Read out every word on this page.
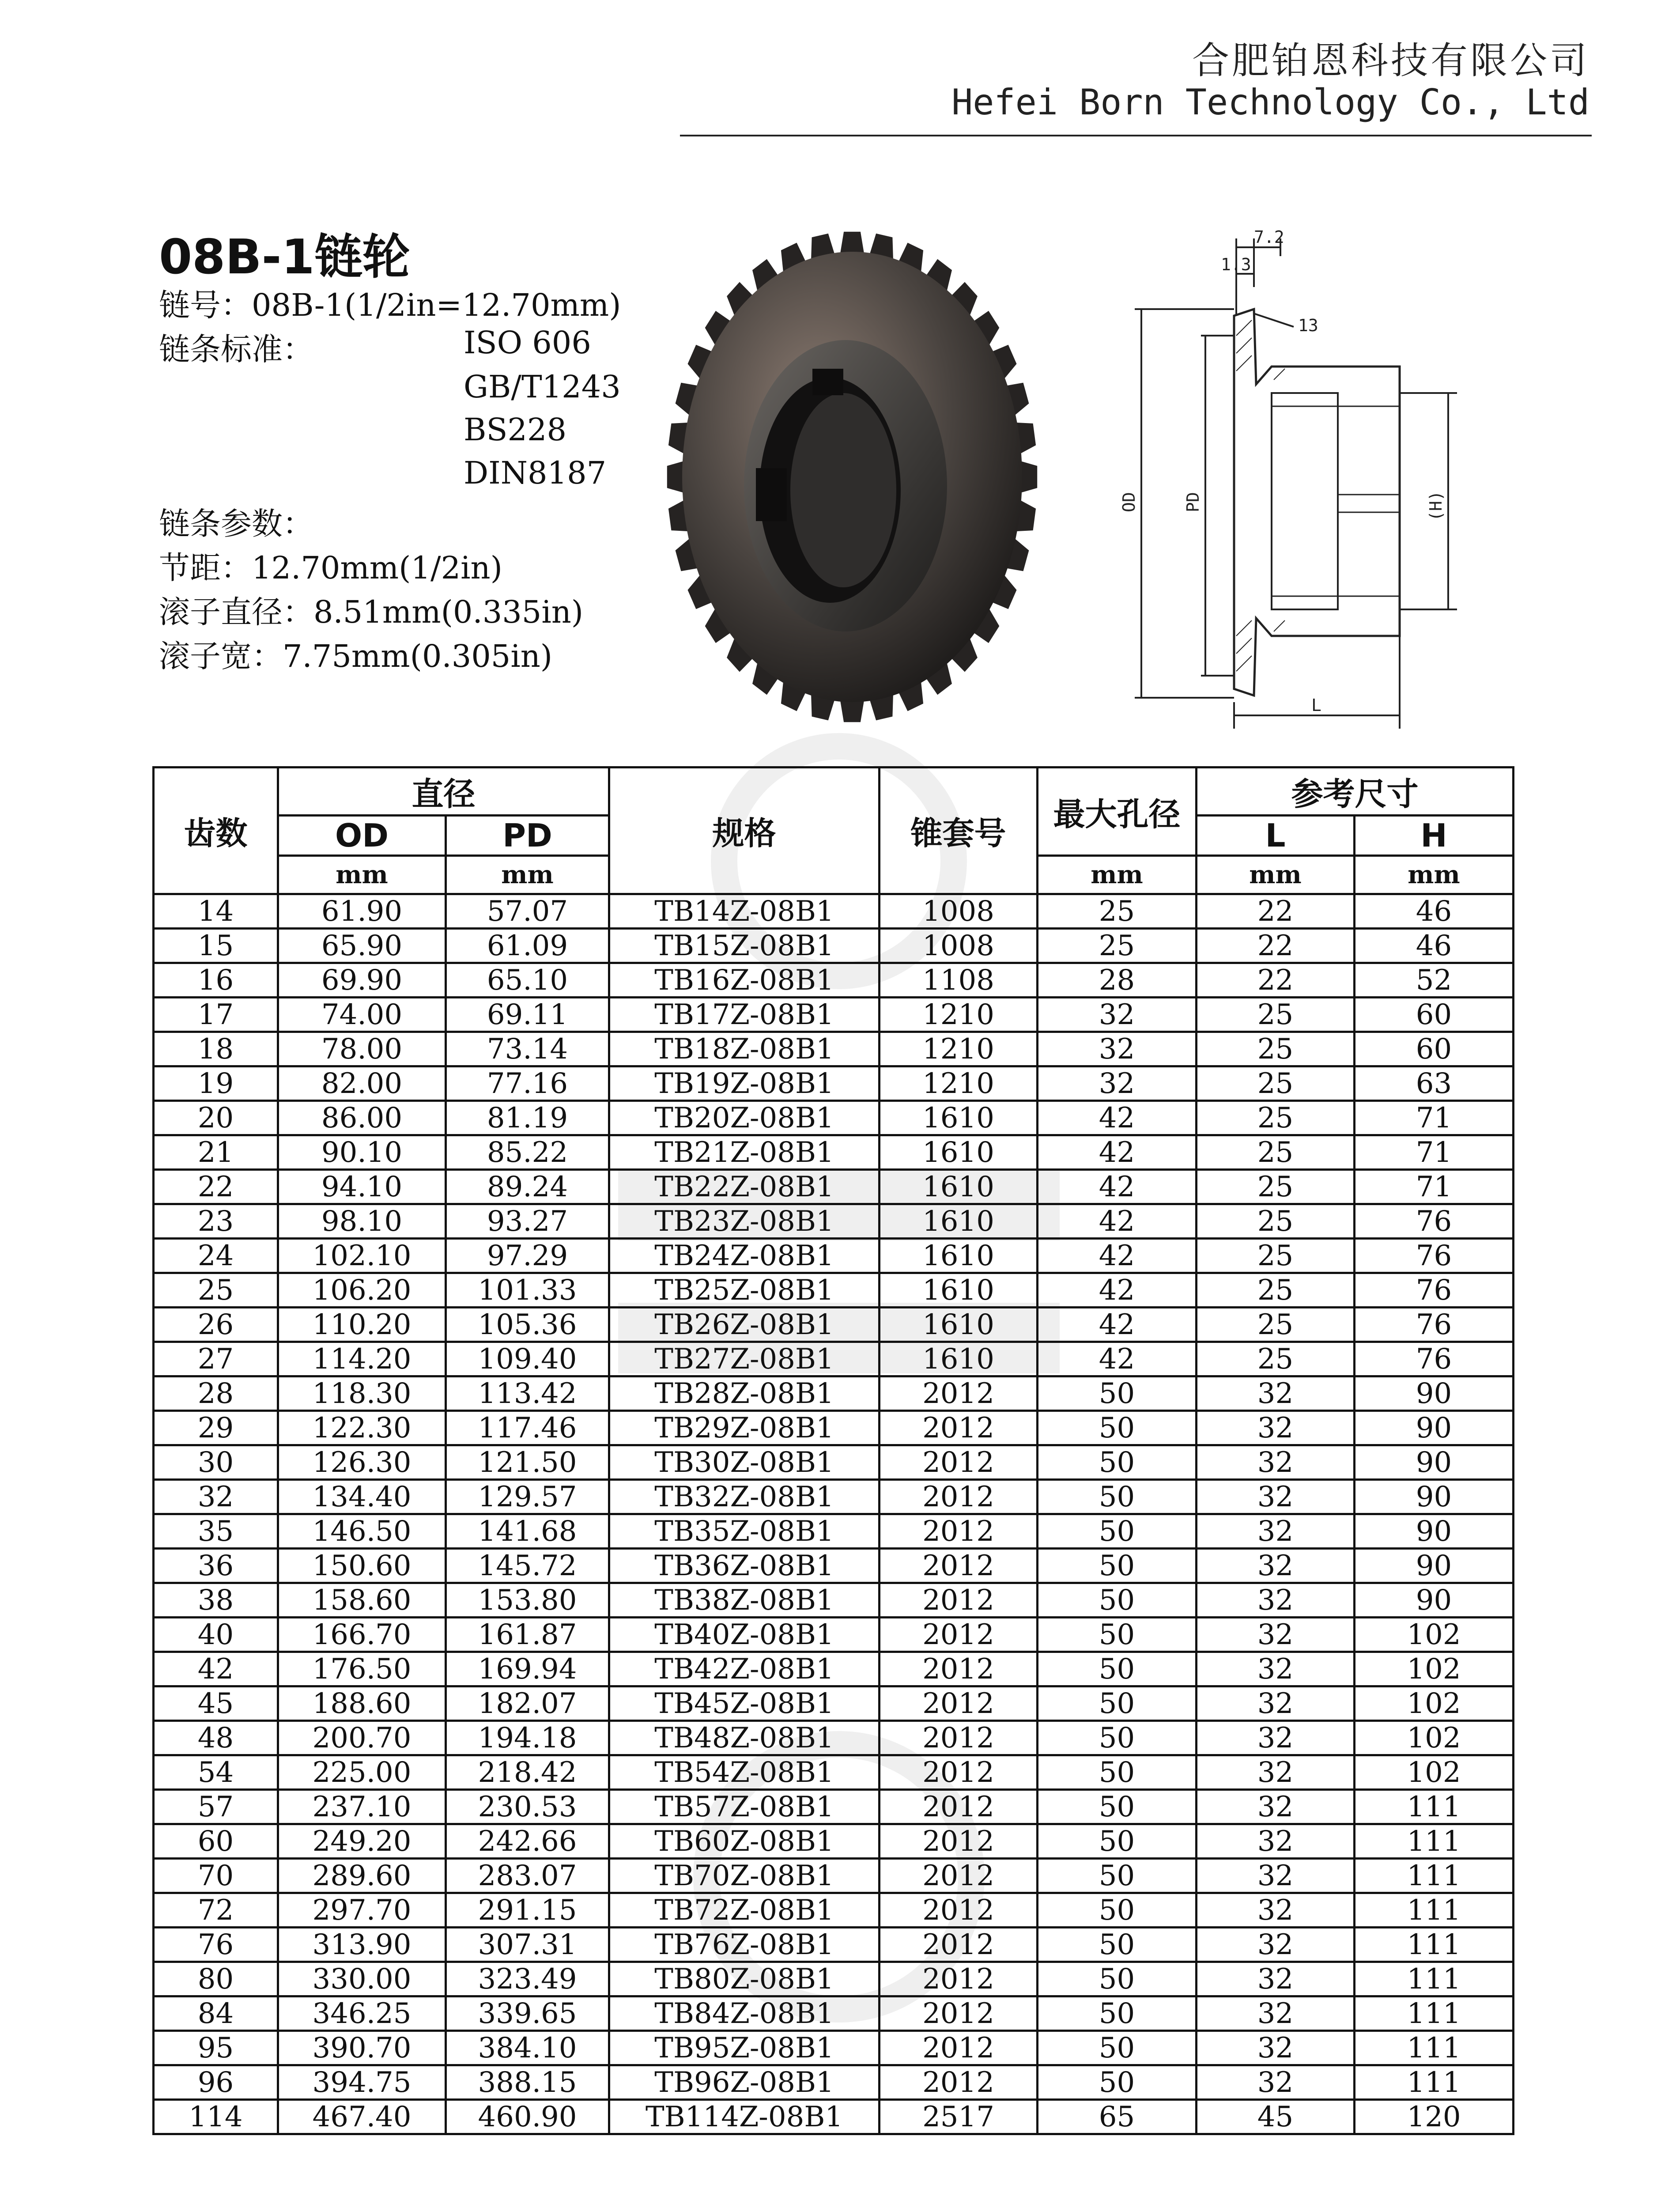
合肥铂恩科技有限公司
Hefei Born Technology Co., Ltd
08B-1链轮
链号：08B-1(1/2in=12.70mm)
链条标准：	ISO 606
GB/T1243
BS228
DIN8187
链条参数：
节距：12.70mm(1/2in)
滚子直径：8.51mm(0.335in)
滚子宽：7.75mm(0.305in)
7.2
1.3
13
OD	PD	(H)
L
齿数	直径		规格	锥套号	最大孔径	参考尺寸	
	OD	PD				L	H
	mm	mm			mm	mm	mm
14	61.90	57.07	TB14Z-08B1	1008	25	22	46
15	65.90	61.09	TB15Z-08B1	1008	25	22	46
16	69.90	65.10	TB16Z-08B1	1108	28	22	52
17	74.00	69.11	TB17Z-08B1	1210	32	25	60
18	78.00	73.14	TB18Z-08B1	1210	32	25	60
19	82.00	77.16	TB19Z-08B1	1210	32	25	63
20	86.00	81.19	TB20Z-08B1	1610	42	25	71
21	90.10	85.22	TB21Z-08B1	1610	42	25	71
22	94.10	89.24	TB22Z-08B1	1610	42	25	71
23	98.10	93.27	TB23Z-08B1	1610	42	25	76
24	102.10	97.29	TB24Z-08B1	1610	42	25	76
25	106.20	101.33	TB25Z-08B1	1610	42	25	76
26	110.20	105.36	TB26Z-08B1	1610	42	25	76
27	114.20	109.40	TB27Z-08B1	1610	42	25	76
28	118.30	113.42	TB28Z-08B1	2012	50	32	90
29	122.30	117.46	TB29Z-08B1	2012	50	32	90
30	126.30	121.50	TB30Z-08B1	2012	50	32	90
32	134.40	129.57	TB32Z-08B1	2012	50	32	90
35	146.50	141.68	TB35Z-08B1	2012	50	32	90
36	150.60	145.72	TB36Z-08B1	2012	50	32	90
38	158.60	153.80	TB38Z-08B1	2012	50	32	90
40	166.70	161.87	TB40Z-08B1	2012	50	32	102
42	176.50	169.94	TB42Z-08B1	2012	50	32	102
45	188.60	182.07	TB45Z-08B1	2012	50	32	102
48	200.70	194.18	TB48Z-08B1	2012	50	32	102
54	225.00	218.42	TB54Z-08B1	2012	50	32	102
57	237.10	230.53	TB57Z-08B1	2012	50	32	111
60	249.20	242.66	TB60Z-08B1	2012	50	32	111
70	289.60	283.07	TB70Z-08B1	2012	50	32	111
72	297.70	291.15	TB72Z-08B1	2012	50	32	111
76	313.90	307.31	TB76Z-08B1	2012	50	32	111
80	330.00	323.49	TB80Z-08B1	2012	50	32	111
84	346.25	339.65	TB84Z-08B1	2012	50	32	111
95	390.70	384.10	TB95Z-08B1	2012	50	32	111
96	394.75	388.15	TB96Z-08B1	2012	50	32	111
114	467.40	460.90	TB114Z-08B1	2517	65	45	120
